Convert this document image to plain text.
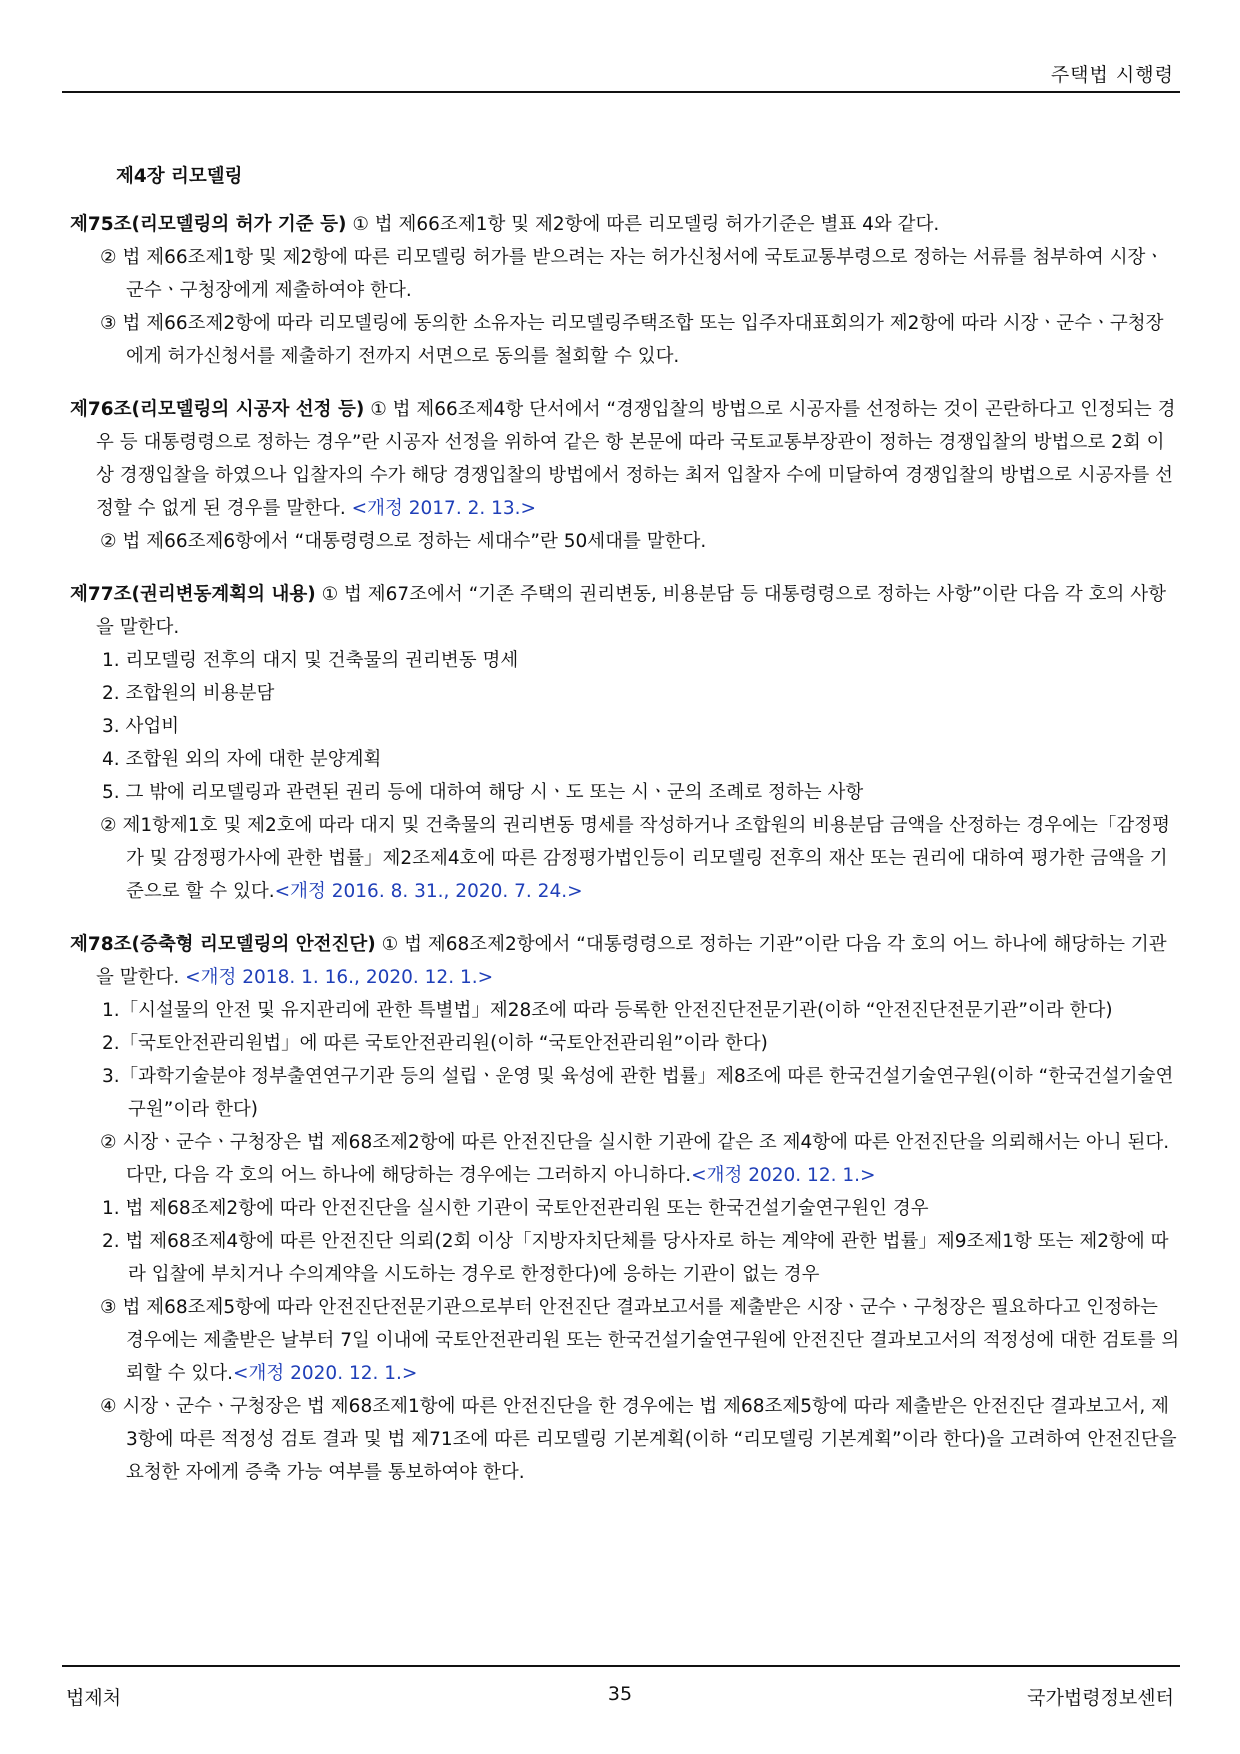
주택법 시행령
제4장 리모델링
제75조(리모델링의 허가 기준 등) ① 법 제66조제1항 및 제2항에 따른 리모델링 허가기준은 별표 4와 같다.
② 법 제66조제1항 및 제2항에 따른 리모델링 허가를 받으려는 자는 허가신청서에 국토교통부령으로 정하는 서류를 첨부하여 시장ㆍ군수ㆍ구청장에게 제출하여야 한다.
③ 법 제66조제2항에 따라 리모델링에 동의한 소유자는 리모델링주택조합 또는 입주자대표회의가 제2항에 따라 시장ㆍ군수ㆍ구청장에게 허가신청서를 제출하기 전까지 서면으로 동의를 철회할 수 있다.
제76조(리모델링의 시공자 선정 등) ① 법 제66조제4항 단서에서 “경쟁입찰의 방법으로 시공자를 선정하는 것이 곤란하다고 인정되는 경우 등 대통령령으로 정하는 경우”란 시공자 선정을 위하여 같은 항 본문에 따라 국토교통부장관이 정하는 경쟁입찰의 방법으로 2회 이상 경쟁입찰을 하였으나 입찰자의 수가 해당 경쟁입찰의 방법에서 정하는 최저 입찰자 수에 미달하여 경쟁입찰의 방법으로 시공자를 선정할 수 없게 된 경우를 말한다. <개정 2017. 2. 13.>
② 법 제66조제6항에서 “대통령령으로 정하는 세대수”란 50세대를 말한다.
제77조(권리변동계획의 내용) ① 법 제67조에서 “기존 주택의 권리변동, 비용분담 등 대통령령으로 정하는 사항”이란 다음 각 호의 사항을 말한다.
1. 리모델링 전후의 대지 및 건축물의 권리변동 명세
2. 조합원의 비용분담
3. 사업비
4. 조합원 외의 자에 대한 분양계획
5. 그 밖에 리모델링과 관련된 권리 등에 대하여 해당 시ㆍ도 또는 시ㆍ군의 조례로 정하는 사항
② 제1항제1호 및 제2호에 따라 대지 및 건축물의 권리변동 명세를 작성하거나 조합원의 비용분담 금액을 산정하는 경우에는「감정평가 및 감정평가사에 관한 법률」제2조제4호에 따른 감정평가법인등이 리모델링 전후의 재산 또는 권리에 대하여 평가한 금액을 기준으로 할 수 있다.<개정 2016. 8. 31., 2020. 7. 24.>
제78조(증축형 리모델링의 안전진단) ① 법 제68조제2항에서 “대통령령으로 정하는 기관”이란 다음 각 호의 어느 하나에 해당하는 기관을 말한다. <개정 2018. 1. 16., 2020. 12. 1.>
1.「시설물의 안전 및 유지관리에 관한 특별법」제28조에 따라 등록한 안전진단전문기관(이하 “안전진단전문기관”이라 한다)
2.「국토안전관리원법」에 따른 국토안전관리원(이하 “국토안전관리원”이라 한다)
3.「과학기술분야 정부출연연구기관 등의 설립ㆍ운영 및 육성에 관한 법률」제8조에 따른 한국건설기술연구원(이하 “한국건설기술연구원”이라 한다)
② 시장ㆍ군수ㆍ구청장은 법 제68조제2항에 따른 안전진단을 실시한 기관에 같은 조 제4항에 따른 안전진단을 의뢰해서는 아니 된다. 다만, 다음 각 호의 어느 하나에 해당하는 경우에는 그러하지 아니하다.<개정 2020. 12. 1.>
1. 법 제68조제2항에 따라 안전진단을 실시한 기관이 국토안전관리원 또는 한국건설기술연구원인 경우
2. 법 제68조제4항에 따른 안전진단 의뢰(2회 이상「지방자치단체를 당사자로 하는 계약에 관한 법률」제9조제1항 또는 제2항에 따라 입찰에 부치거나 수의계약을 시도하는 경우로 한정한다)에 응하는 기관이 없는 경우
③ 법 제68조제5항에 따라 안전진단전문기관으로부터 안전진단 결과보고서를 제출받은 시장ㆍ군수ㆍ구청장은 필요하다고 인정하는 경우에는 제출받은 날부터 7일 이내에 국토안전관리원 또는 한국건설기술연구원에 안전진단 결과보고서의 적정성에 대한 검토를 의뢰할 수 있다.<개정 2020. 12. 1.>
④ 시장ㆍ군수ㆍ구청장은 법 제68조제1항에 따른 안전진단을 한 경우에는 법 제68조제5항에 따라 제출받은 안전진단 결과보고서, 제3항에 따른 적정성 검토 결과 및 법 제71조에 따른 리모델링 기본계획(이하 “리모델링 기본계획”이라 한다)을 고려하여 안전진단을 요청한 자에게 증축 가능 여부를 통보하여야 한다.
법제처	35	국가법령정보센터
